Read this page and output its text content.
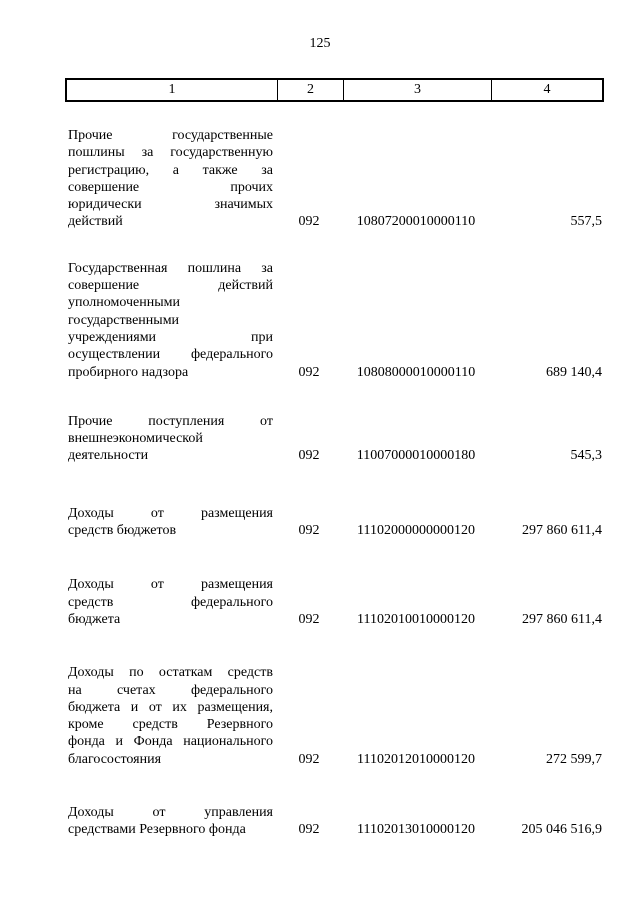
125
1	2	3	4
Прочие государственные
пошлины за государственную
регистрацию, а также за
совершение прочих
юридически значимых
действий	092	10807200010000110	557,5
Государственная пошлина за
совершение действий
уполномоченными
государственными
учреждениями при
осуществлении федерального
пробирного надзора	092	10808000010000110	689 140,4
Прочие поступления от
внешнеэкономической
деятельности	092	11007000010000180	545,3
Доходы от размещения
средств бюджетов	092	11102000000000120	297 860 611,4
Доходы от размещения
средств федерального
бюджета	092	11102010010000120	297 860 611,4
Доходы по остаткам средств
на счетах федерального
бюджета и от их размещения,
кроме средств Резервного
фонда и Фонда национального
благосостояния	092	11102012010000120	272 599,7
Доходы от управления
средствами Резервного фонда	092	11102013010000120	205 046 516,9
